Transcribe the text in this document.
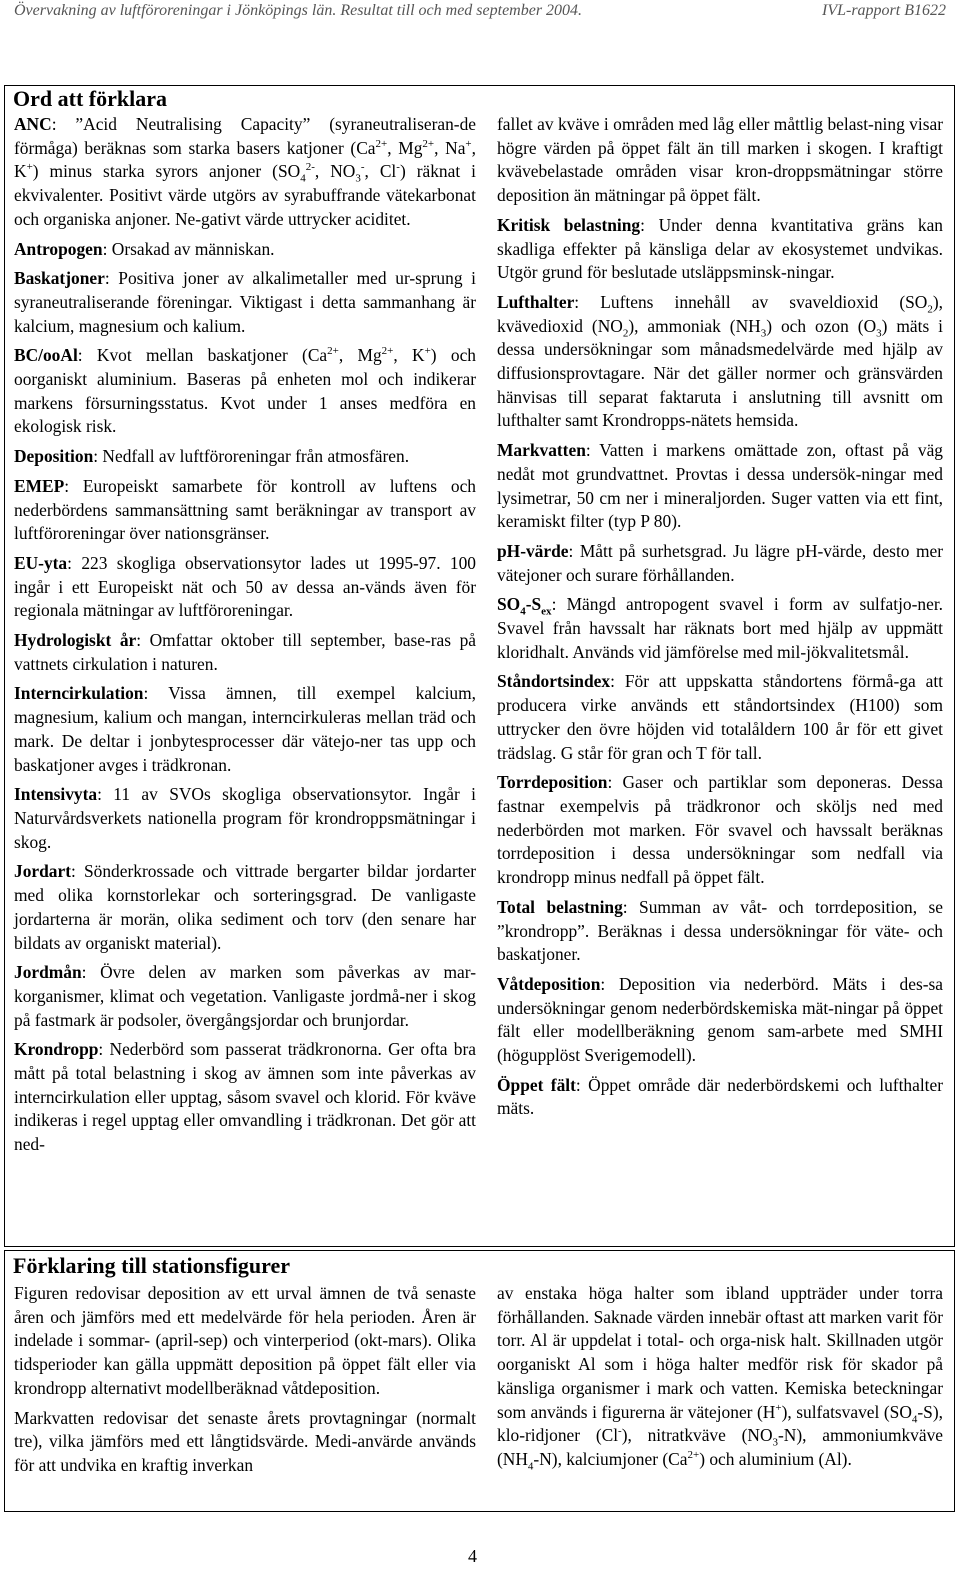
Övervakning av luftföroreningar i Jönköpings län. Resultat till och med september 2004.	IVL-rapport B1622
Ord att förklara

ANC: ”Acid Neutralising Capacity” (syraneutraliseran-de förmåga) beräknas som starka basers katjoner ($Ca^{2+}$, $Mg^{2+}$, Na+, K+) minus starka syrors anjoner ($SO_4^{2-}$, $NO_3^-$, Cl-) räknat i ekvivalenter. Positivt värde utgörs av syrabuffrande vätekarbonat och organiska anjoner. Ne-gativt värde uttrycker aciditet.

Antropogen: Orsakad av människan.

Baskatjoner: Positiva joner av alkalimetaller med ur-sprung i syraneutraliserande föreningar. Viktigast i detta sammanhang är kalcium, magnesium och kalium.

BC/ooAl: Kvot mellan baskatjoner ($Ca^{2+}$, $Mg^{2+}$, K+) och oorganiskt aluminium. Baseras på enheten mol och indikerar markens försurningsstatus. Kvot under 1 anses medföra en ekologisk risk.

Deposition: Nedfall av luftföroreningar från atmosfären.

EMEP: Europeiskt samarbete för kontroll av luftens och nederbördens sammansättning samt beräkningar av transport av luftföroreningar över nationsgränser.

EU-yta: 223 skogliga observationsytor lades ut 1995-97. 100 ingår i ett Europeiskt nät och 50 av dessa an-vänds även för regionala mätningar av luftföroreningar.

Hydrologiskt år: Omfattar oktober till september, base-ras på vattnets cirkulation i naturen.

Interncirkulation: Vissa ämnen, till exempel kalcium, magnesium, kalium och mangan, interncirkuleras mellan träd och mark. De deltar i jonbytesprocesser där vätejo-ner tas upp och baskatjoner avges i trädkronan.

Intensivyta: 11 av SVOs skogliga observationsytor. Ingår i Naturvårdsverkets nationella program för krondroppsmätningar i skog.

Jordart: Sönderkrossade och vittrade bergarter bildar jordarter med olika kornstorlekar och sorteringsgrad. De vanligaste jordarterna är morän, olika sediment och torv (den senare har bildats av organiskt material).

Jordmån: Övre delen av marken som påverkas av mar-korganismer, klimat och vegetation. Vanligaste jordmå-ner i skog på fastmark är podsoler, övergångsjordar och brunjordar.

Krondropp: Nederbörd som passerat trädkronorna. Ger ofta bra mått på total belastning i skog av ämnen som inte påverkas av interncirkulation eller upptag, såsom svavel och klorid. För kväve indikeras i regel upptag eller omvandling i trädkronan. Det gör att ned-

fallet av kväve i områden med låg eller måttlig belast-ning visar högre värden på öppet fält än till marken i skogen. I kraftigt kvävebelastade områden visar kron-droppsmätningar större deposition än mätningar på öppet fält.

Kritisk belastning: Under denna kvantitativa gräns kan skadliga effekter på känsliga delar av ekosystemet undvikas. Utgör grund för beslutade utsläppsminsk-ningar.

Lufthalter: Luftens innehåll av svaveldioxid $(SO_2)$, kvävedioxid $(NO_2)$, ammoniak $(NH_3)$ och ozon $(O_3)$ mäts i dessa undersökningar som månadsmedelvärde med hjälp av diffusionsprovtagare. När det gäller normer och gränsvärden hänvisas till separat faktaruta i anslutning till avsnitt om lufthalter samt Krondropps-nätets hemsida.

Markvatten: Vatten i markens omättade zon, oftast på väg nedåt mot grundvattnet. Provtas i dessa undersök-ningar med lysimetrar, 50 cm ner i mineraljorden. Suger vatten via ett fint, keramiskt filter (typ P 80).

pH-värde: Mått på surhetsgrad. Ju lägre pH-värde, desto mer vätejoner och surare förhållanden.

$SO_4-S_{ex}$: Mängd antropogent svavel i form av sulfatjo-ner. Svavel från havssalt har räknats bort med hjälp av uppmätt kloridhalt. Används vid jämförelse med mil-jökvalitetsmål.

Ståndortsindex: För att uppskatta ståndortens förmå-ga att producera virke används ett ståndortsindex (H100) som uttrycker den övre höjden vid totalåldern 100 år för ett givet trädslag. G står för gran och T för tall.

Torrdeposition: Gaser och partiklar som deponeras. Dessa fastnar exempelvis på trädkronor och sköljs ned med nederbörden mot marken. För svavel och havssalt beräknas torrdeposition i dessa undersökningar som nedfall via krondropp minus nedfall på öppet fält.

Total belastning: Summan av våt- och torrdeposition, se ”krondropp”. Beräknas i dessa undersökningar för väte- och baskatjoner.

Våtdeposition: Deposition via nederbörd. Mäts i des-sa undersökningar genom nederbördskemiska mät-ningar på öppet fält eller modellberäkning genom sam-arbete med SMHI (högupplöst Sverigemodell).

Öppet fält: Öppet område där nederbördskemi och lufthalter mäts.

Förklaring till stationsfigurer

Figuren redovisar deposition av ett urval ämnen de två senaste åren och jämförs med ett medelvärde för hela perioden. Åren är indelade i sommar- (april-sep) och vinterperiod (okt-mars). Olika tidsperioder kan gälla uppmätt deposition på öppet fält eller via krondropp alternativt modellberäknad våtdeposition.

Markvatten redovisar det senaste årets provtagningar (normalt tre), vilka jämförs med ett långtidsvärde. Medi-anvärde används för att undvika en kraftig inverkan

av enstaka höga halter som ibland uppträder under torra förhållanden. Saknade värden innebär oftast att marken varit för torr. Al är uppdelat i total- och orga-nisk halt. Skillnaden utgör oorganiskt Al som i höga halter medför risk för skador på känsliga organismer i mark och vatten. Kemiska beteckningar som används i figurerna är vätejoner (H+), sulfatsvavel $(SO_4-S)$, klo-ridjoner (Cl-), nitratkväve $(NO_3-N)$, ammoniumkväve $(NH_4-N)$, kalciumjoner $(Ca^{2+})$ och aluminium (Al).

4
